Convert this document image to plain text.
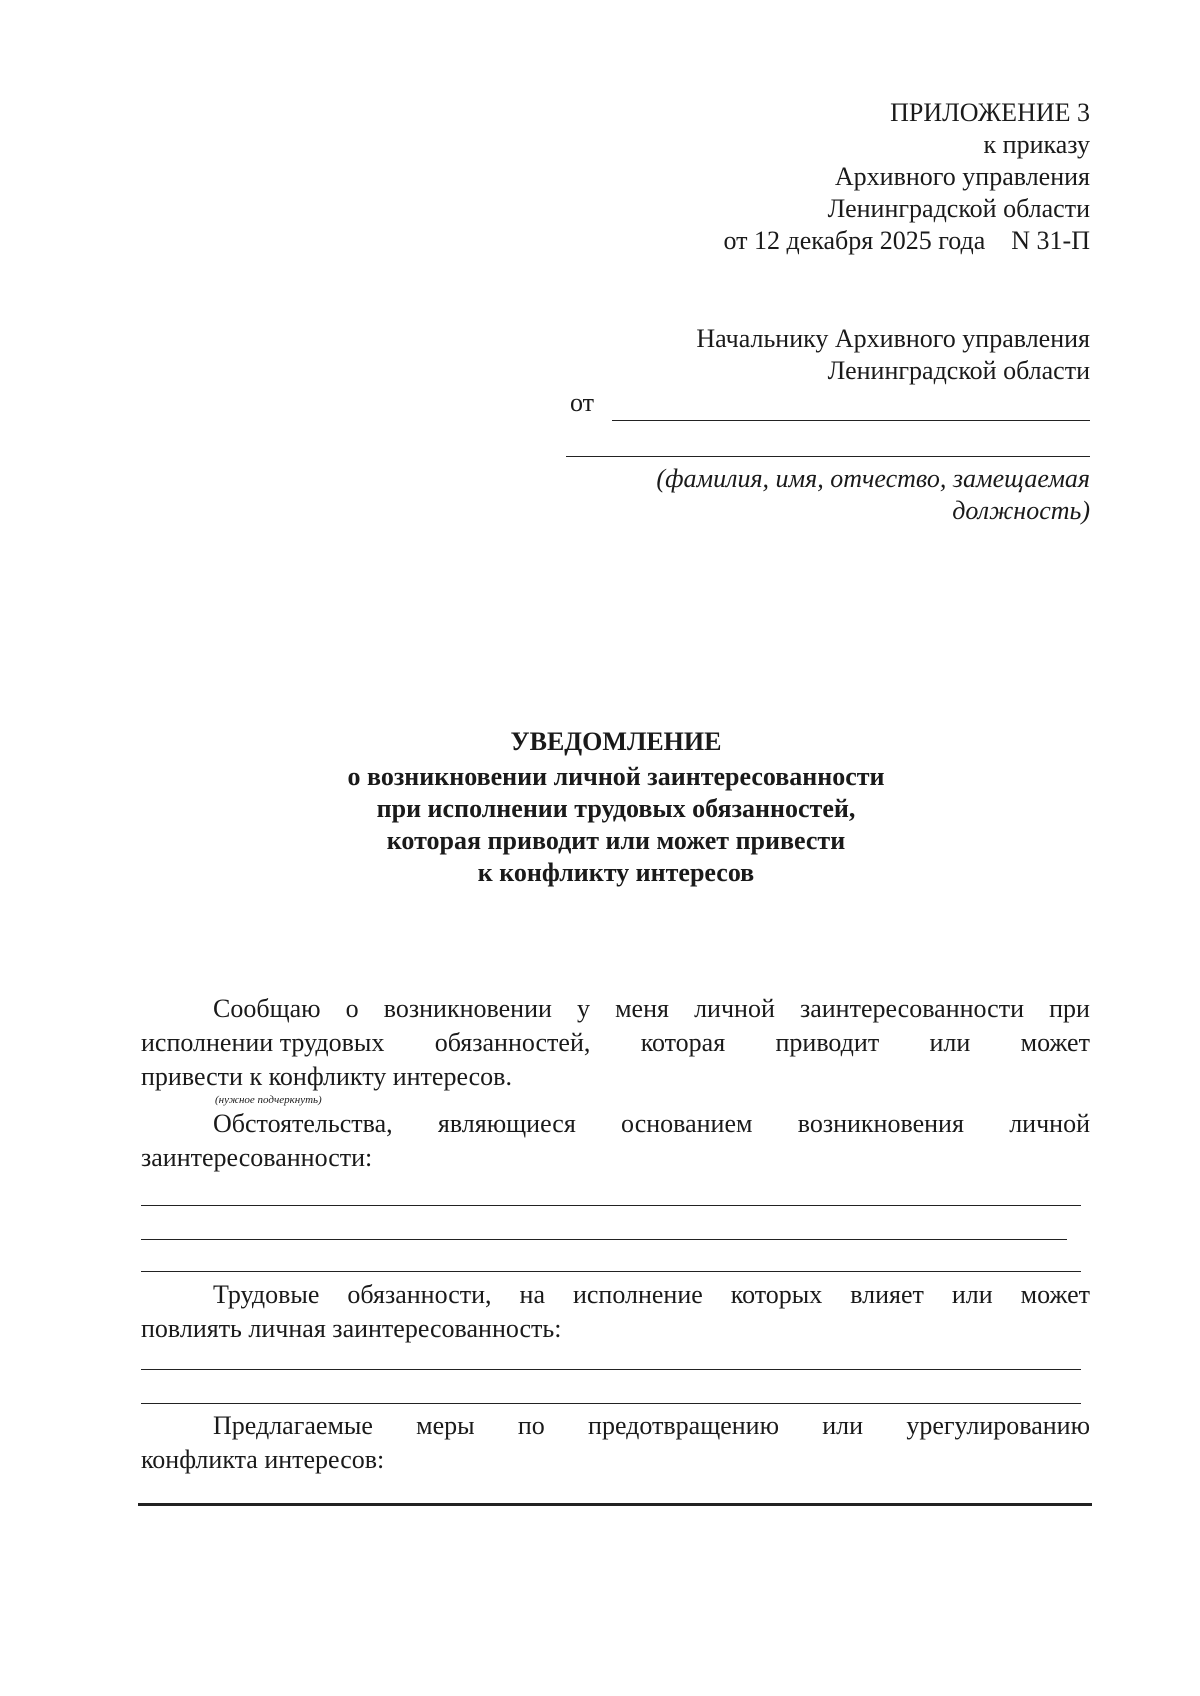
ПРИЛОЖЕНИЕ 3
к приказу
Архивного управления
Ленинградской области
от 12 декабря 2025 года N 31-П
Начальнику Архивного управления
Ленинградской области
от
(фамилия, имя, отчество, замещаемая
должность)
УВЕДОМЛЕНИЕ
о возникновении личной заинтересованности
при исполнении трудовых обязанностей,
которая приводит или может привести
к конфликту интересов
Сообщаю о возникновении у меня личной заинтересованности при
исполнении трудовых обязанностей, которая приводит или может
привести к конфликту интересов.
(нужное подчеркнуть)
Обстоятельства, являющиеся основанием возникновения личной
заинтересованности:
Трудовые обязанности, на исполнение которых влияет или может
повлиять личная заинтересованность:
Предлагаемые меры по предотвращению или урегулированию
конфликта интересов:
